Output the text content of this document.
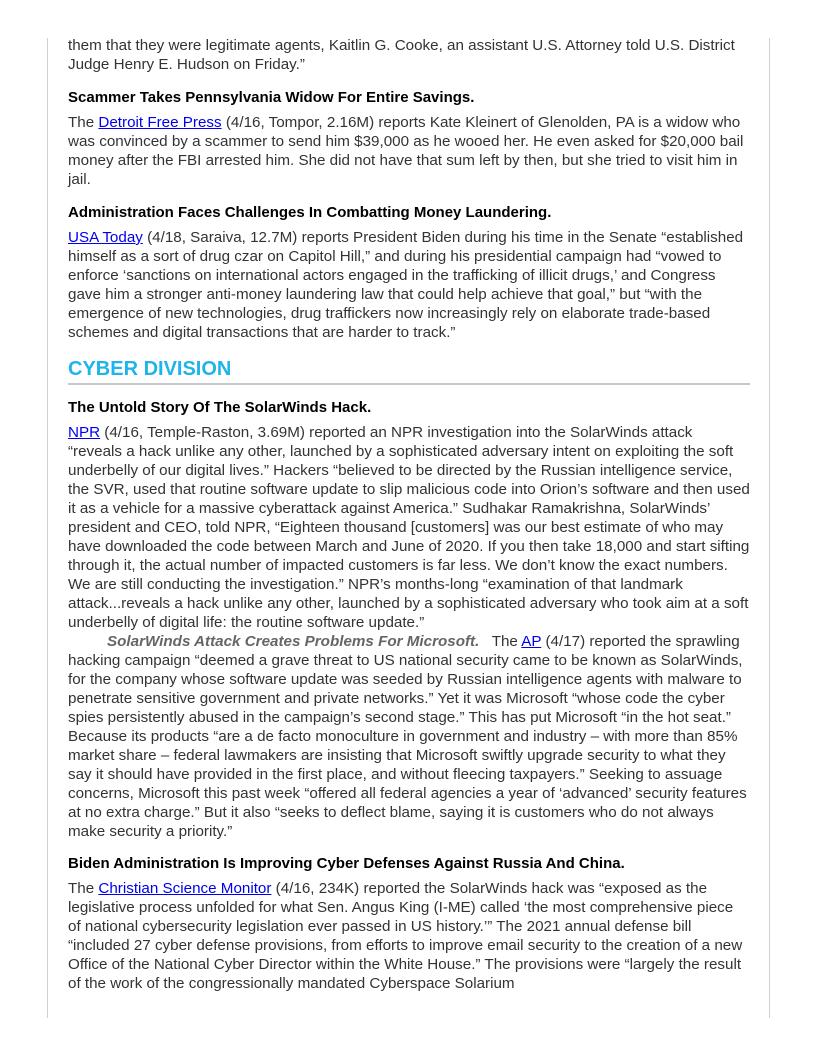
them that they were legitimate agents, Kaitlin G. Cooke, an assistant U.S. Attorney told U.S. District Judge Henry E. Hudson on Friday.”

Scammer Takes Pennsylvania Widow For Entire Savings.

The Detroit Free Press (4/16, Tompor, 2.16M) reports Kate Kleinert of Glenolden, PA is a widow who was convinced by a scammer to send him $39,000 as he wooed her. He even asked for $20,000 bail money after the FBI arrested him. She did not have that sum left by then, but she tried to visit him in jail.

Administration Faces Challenges In Combatting Money Laundering.

USA Today (4/18, Saraiva, 12.7M) reports President Biden during his time in the Senate “established himself as a sort of drug czar on Capitol Hill,” and during his presidential campaign had “vowed to enforce ‘sanctions on international actors engaged in the trafficking of illicit drugs,’ and Congress gave him a stronger anti-money laundering law that could help achieve that goal,” but “with the emergence of new technologies, drug traffickers now increasingly rely on elaborate trade-based schemes and digital transactions that are harder to track.”

CYBER DIVISION
The Untold Story Of The SolarWinds Hack.

NPR (4/16, Temple-Raston, 3.69M) reported an NPR investigation into the SolarWinds attack “reveals a hack unlike any other, launched by a sophisticated adversary intent on exploiting the soft underbelly of our digital lives.” Hackers “believed to be directed by the Russian intelligence service, the SVR, used that routine software update to slip malicious code into Orion’s software and then used it as a vehicle for a massive cyberattack against America.” Sudhakar Ramakrishna, SolarWinds’ president and CEO, told NPR, “Eighteen thousand [customers] was our best estimate of who may have downloaded the code between March and June of 2020. If you then take 18,000 and start sifting through it, the actual number of impacted customers is far less. We don’t know the exact numbers. We are still conducting the investigation.” NPR’s months-long “examination of that landmark attack...reveals a hack unlike any other, launched by a sophisticated adversary who took aim at a soft underbelly of digital life: the routine software update.”

SolarWinds Attack Creates Problems For Microsoft.   The AP (4/17) reported the sprawling hacking campaign “deemed a grave threat to US national security came to be known as SolarWinds, for the company whose software update was seeded by Russian intelligence agents with malware to penetrate sensitive government and private networks.” Yet it was Microsoft “whose code the cyber spies persistently abused in the campaign’s second stage.” This has put Microsoft “in the hot seat.” Because its products “are a de facto monoculture in government and industry – with more than 85% market share – federal lawmakers are insisting that Microsoft swiftly upgrade security to what they say it should have provided in the first place, and without fleecing taxpayers.” Seeking to assuage concerns, Microsoft this past week “offered all federal agencies a year of ‘advanced’ security features at no extra charge.” But it also “seeks to deflect blame, saying it is customers who do not always make security a priority.”

Biden Administration Is Improving Cyber Defenses Against Russia And China.

The Christian Science Monitor (4/16, 234K) reported the SolarWinds hack was “exposed as the legislative process unfolded for what Sen. Angus King (I-ME) called ‘the most comprehensive piece of national cybersecurity legislation ever passed in US history.’” The 2021 annual defense bill “included 27 cyber defense provisions, from efforts to improve email security to the creation of a new Office of the National Cyber Director within the White House.” The provisions were “largely the result of the work of the congressionally mandated Cyberspace Solarium
